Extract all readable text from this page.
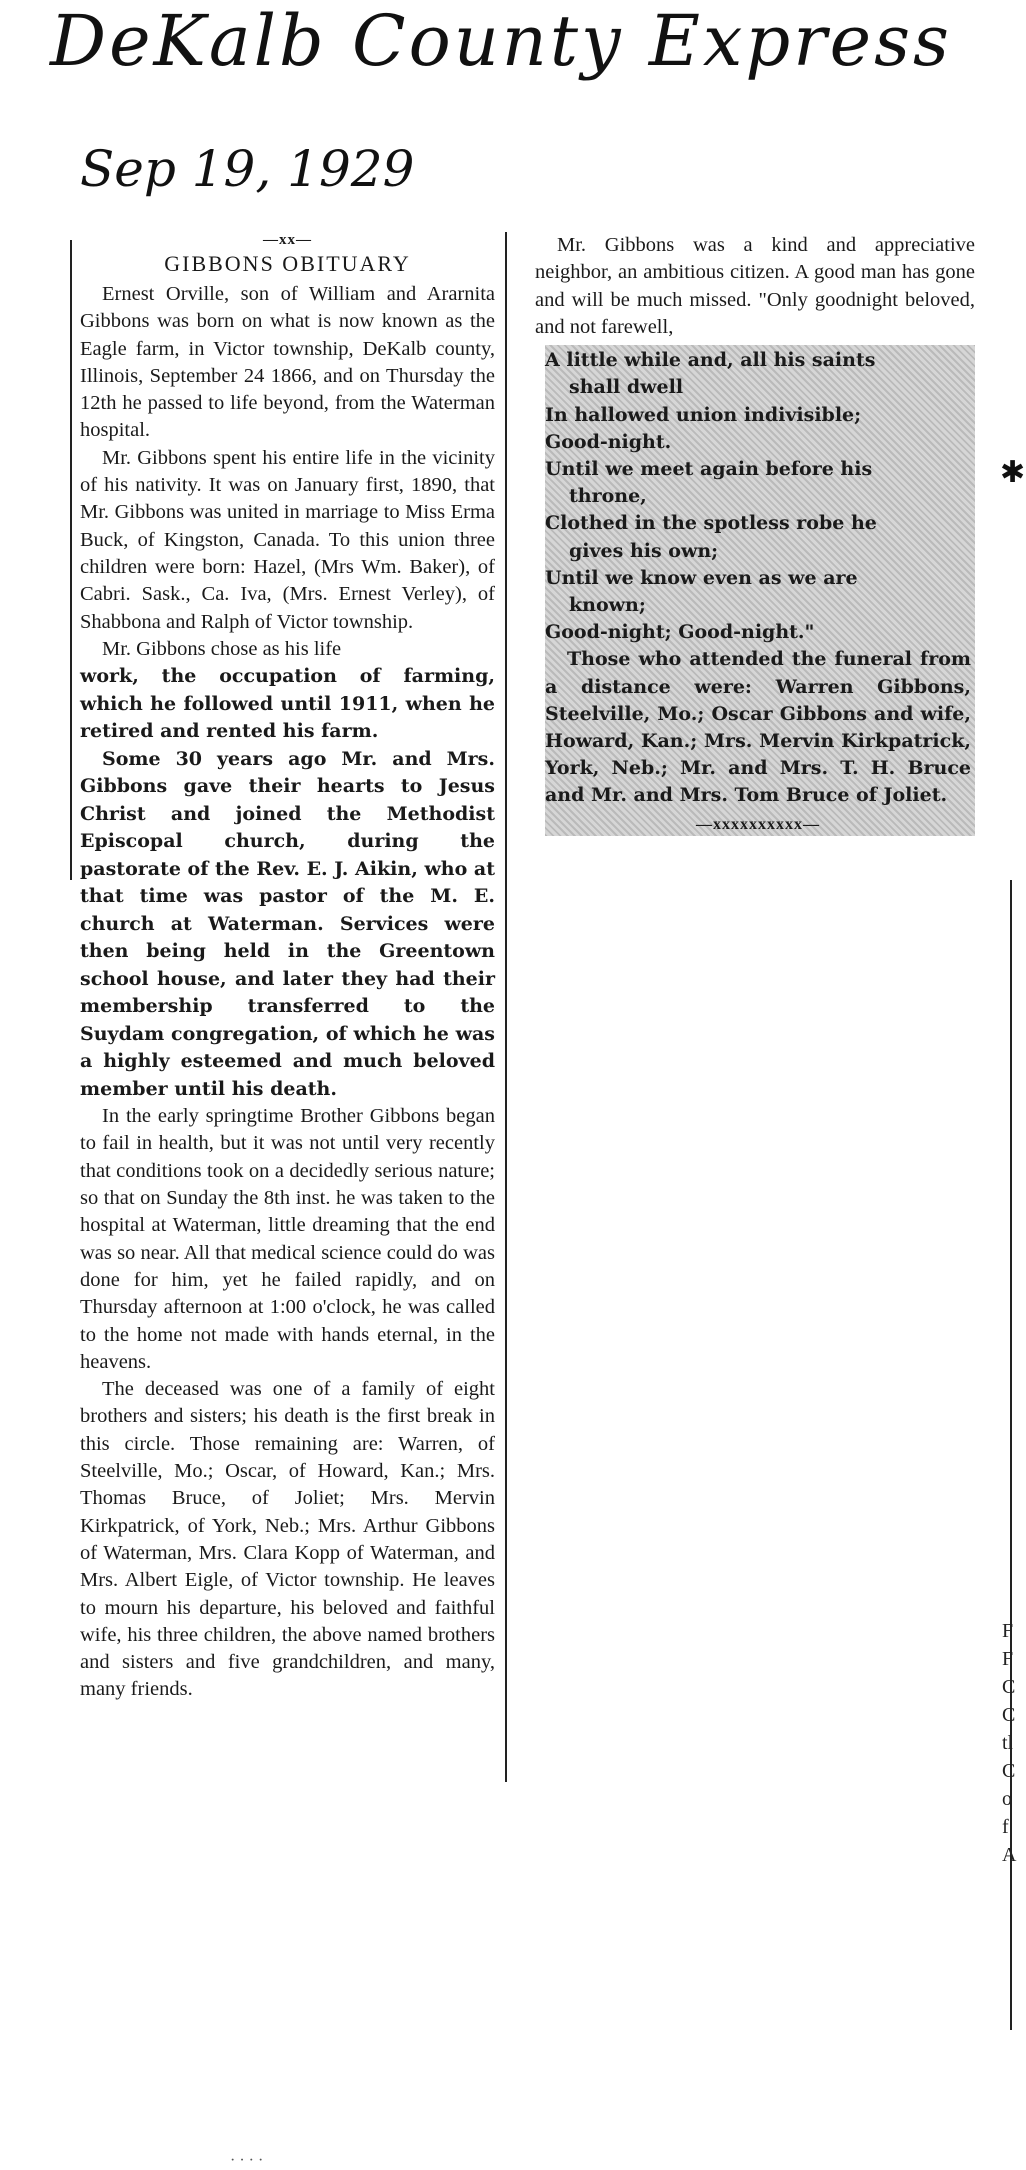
DeKalb County Express
Sep 19, 1929
✱
—xx—
GIBBONS OBITUARY

Ernest Orville, son of William and Ararnita Gibbons was born on what is now known as the Eagle farm, in Victor township, DeKalb county, Illinois, September 24 1866, and on Thursday the 12th he passed to life beyond, from the Waterman hospital.

Mr. Gibbons spent his entire life in the vicinity of his nativity. It was on January first, 1890, that Mr. Gibbons was united in marriage to Miss Erma Buck, of Kingston, Canada. To this union three children were born: Hazel, (Mrs Wm. Baker), of Cabri. Sask., Ca. Iva, (Mrs. Ernest Verley), of Shabbona and Ralph of Victor township.

Mr. Gibbons chose as his life

work, the occupation of farming, which he followed until 1911, when he retired and rented his farm.

Some 30 years ago Mr. and Mrs. Gibbons gave their hearts to Jesus Christ and joined the Methodist Episcopal church, during the pastorate of the Rev. E. J. Aikin, who at that time was pastor of the M. E. church at Waterman. Services were then being held in the Greentown school house, and later they had their membership transferred to the Suydam congregation, of which he was a highly esteemed and much beloved member until his death.

In the early springtime Brother Gibbons began to fail in health, but it was not until very recently that conditions took on a decidedly serious nature; so that on Sunday the 8th inst. he was taken to the hospital at Waterman, little dreaming that the end was so near. All that medical science could do was done for him, yet he failed rapidly, and on Thursday afternoon at 1:00 o'clock, he was called to the home not made with hands eternal, in the heavens.

The deceased was one of a family of eight brothers and sisters; his death is the first break in this circle. Those remaining are: Warren, of Steelville, Mo.; Oscar, of Howard, Kan.; Mrs. Thomas Bruce, of Joliet; Mrs. Mervin Kirkpatrick, of York, Neb.; Mrs. Arthur Gibbons of Waterman, Mrs. Clara Kopp of Waterman, and Mrs. Albert Eigle, of Victor township. He leaves to mourn his departure, his beloved and faithful wife, his three children, the above named brothers and sisters and five grandchildren, and many, many friends.

· · · ·

Mr. Gibbons was a kind and appreciative neighbor, an ambitious citizen. A good man has gone and will be much missed. "Only goodnight beloved, and not farewell,

A little while and, all his saints
shall dwell
In hallowed union indivisible;
Good-night.
Until we meet again before his
throne,
Clothed in the spotless robe he
gives his own;
Until we know even as we are
known;
Good-night; Good-night."

Those who attended the funeral from a distance were: Warren Gibbons, Steelville, Mo.; Oscar Gibbons and wife, Howard, Kan.; Mrs. Mervin Kirkpatrick, York, Neb.; Mr. and Mrs. T. H. Bruce and Mr. and Mrs. Tom Bruce of Joliet.

—xxxxxxxxxx—
F
F
C
C
tl
C
o
f
A
